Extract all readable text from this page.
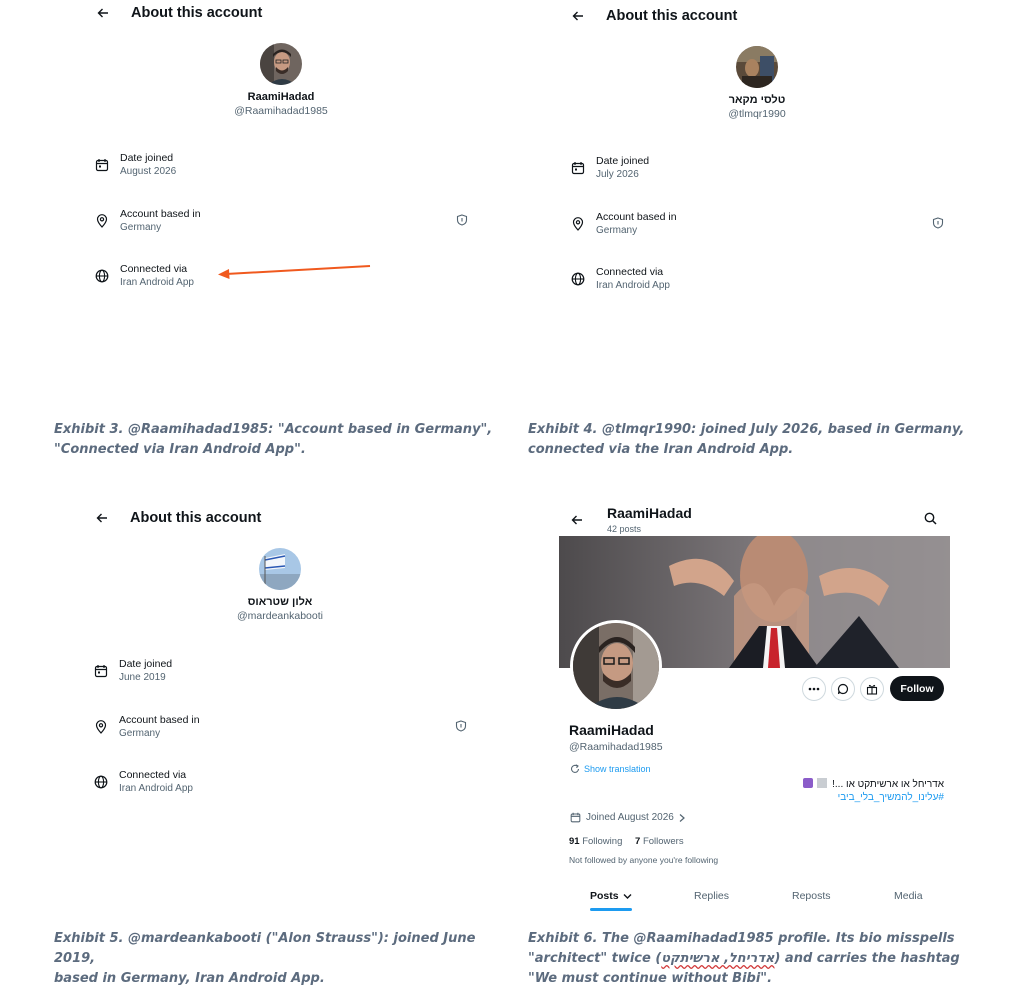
About this account
RaamiHadad
@Raamihadad1985
Date joined
August 2026
Account based in
Germany
Connected via
Iran Android App
Exhibit 3. @Raamihadad1985: "Account based in Germany",
"Connected via Iran Android App".
About this account
טלסי מקאר
@tlmqr1990
Date joined
July 2026
Account based in
Germany
Connected via
Iran Android App
Exhibit 4. @tlmqr1990: joined July 2026, based in Germany,
connected via the Iran Android App.
About this account
אלון שטראוס
@mardeankabooti
Date joined
June 2019
Account based in
Germany
Connected via
Iran Android App
Exhibit 5. @mardeankabooti ("Alon Strauss"): joined June 2019,
based in Germany, Iran Android App.
RaamiHadad
42 posts
Follow
RaamiHadad
@Raamihadad1985
Show translation
אדריחל או ארשיתקט או ...!
#עלינו_להמשיך_בלי_ביבי
Joined August 2026
91 Following 7 Followers
Not followed by anyone you're following
Posts	Replies	Reposts	Media
Exhibit 6. The @Raamihadad1985 profile. Its bio misspells
"architect" twice (אדריחל, ארשיתקט) and carries the hashtag
"We must continue without Bibi".
